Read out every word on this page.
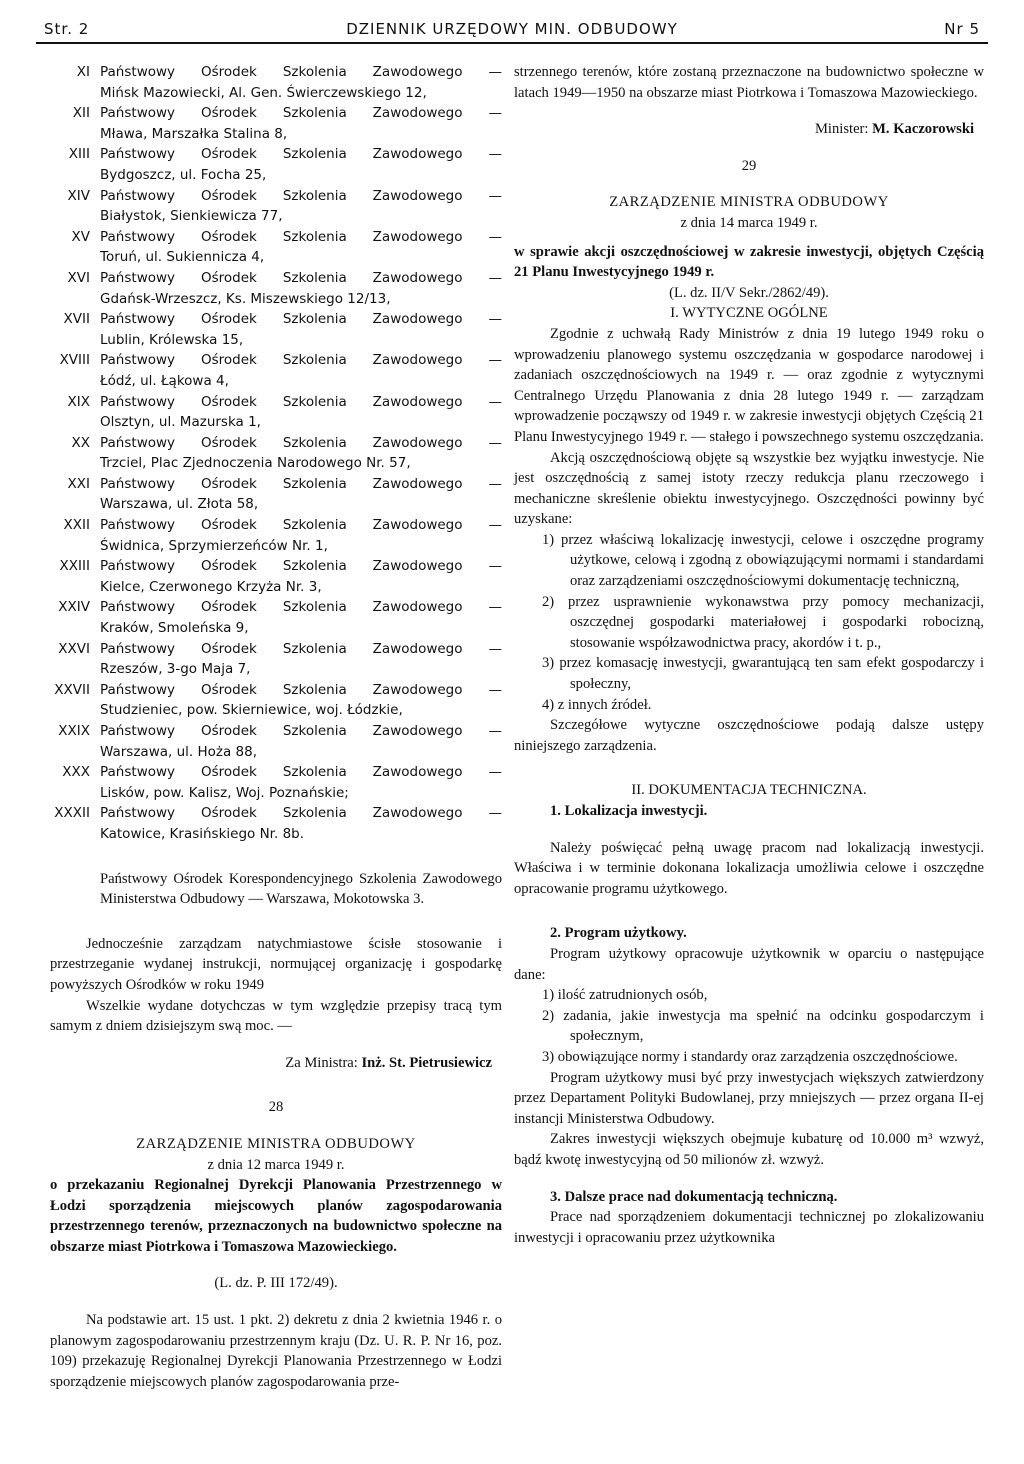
Str. 2	DZIENNIK URZĘDOWY MIN. ODBUDOWY	Nr 5
XI Państwowy Ośrodek Szkolenia Zawodowego —
Mińsk Mazowiecki, Al. Gen. Świerczewskiego 12,
XII Państwowy Ośrodek Szkolenia Zawodowego —
Mława, Marszałka Stalina 8,
XIII Państwowy Ośrodek Szkolenia Zawodowego —
Bydgoszcz, ul. Focha 25,
XIV Państwowy Ośrodek Szkolenia Zawodowego —
Białystok, Sienkiewicza 77,
XV Państwowy Ośrodek Szkolenia Zawodowego —
Toruń, ul. Sukiennicza 4,
XVI Państwowy Ośrodek Szkolenia Zawodowego —
Gdańsk-Wrzeszcz, Ks. Miszewskiego 12/13,
XVII Państwowy Ośrodek Szkolenia Zawodowego —
Lublin, Królewska 15,
XVIII Państwowy Ośrodek Szkolenia Zawodowego —
Łódź, ul. Łąkowa 4,
XIX Państwowy Ośrodek Szkolenia Zawodowego —
Olsztyn, ul. Mazurska 1,
XX Państwowy Ośrodek Szkolenia Zawodowego —
Trzciel, Plac Zjednoczenia Narodowego Nr. 57,
XXI Państwowy Ośrodek Szkolenia Zawodowego —
Warszawa, ul. Złota 58,
XXII Państwowy Ośrodek Szkolenia Zawodowego —
Świdnica, Sprzymierzeńców Nr. 1,
XXIII Państwowy Ośrodek Szkolenia Zawodowego —
Kielce, Czerwonego Krzyża Nr. 3,
XXIV Państwowy Ośrodek Szkolenia Zawodowego —
Kraków, Smoleńska 9,
XXVI Państwowy Ośrodek Szkolenia Zawodowego —
Rzeszów, 3-go Maja 7,
XXVII Państwowy Ośrodek Szkolenia Zawodowego —
Studzieniec, pow. Skierniewice, woj. Łódzkie,
XXIX Państwowy Ośrodek Szkolenia Zawodowego —
Warszawa, ul. Hoża 88,
XXX Państwowy Ośrodek Szkolenia Zawodowego —
Lisków, pow. Kalisz, Woj. Poznańskie;
XXXII Państwowy Ośrodek Szkolenia Zawodowego —
Katowice, Krasińskiego Nr. 8b.
Państwowy Ośrodek Korespondencyjnego Szkolenia Zawodowego Ministerstwa Odbudowy — Warszawa, Mokotowska 3.
Jednocześnie zarządzam natychmiastowe ścisłe stosowanie i przestrzeganie wydanej instrukcji, normującej organizację i gospodarkę powyższych Ośrodków w roku 1949
Wszelkie wydane dotychczas w tym względzie przepisy tracą tym samym z dniem dzisiejszym swą moc. —
Za Ministra: Inż. St. Pietrusiewicz
28
ZARZĄDZENIE MINISTRA ODBUDOWY
z dnia 12 marca 1949 r.
o przekazaniu Regionalnej Dyrekcji Planowania Przestrzennego w Łodzi sporządzenia miejscowych planów zagospodarowania przestrzennego terenów, przeznaczonych na budownictwo społeczne na obszarze miast Piotrkowa i Tomaszowa Mazowieckiego.
(L. dz. P. III 172/49).
Na podstawie art. 15 ust. 1 pkt. 2) dekretu z dnia 2 kwietnia 1946 r. o planowym zagospodarowaniu przestrzennym kraju (Dz. U. R. P. Nr 16, poz. 109) przekazuję Regionalnej Dyrekcji Planowania Przestrzennego w Łodzi sporządzenie miejscowych planów zagospodarowania prze-
strzennego terenów, które zostaną przeznaczone na budownictwo społeczne w latach 1949—1950 na obszarze miast Piotrkowa i Tomaszowa Mazowieckiego.
Minister: M. Kaczorowski
29
ZARZĄDZENIE MINISTRA ODBUDOWY
z dnia 14 marca 1949 r.
w sprawie akcji oszczędnościowej w zakresie inwestycji, objętych Częścią 21 Planu Inwestycyjnego 1949 r.
(L. dz. II/V Sekr./2862/49).
I. WYTYCZNE OGÓLNE
Zgodnie z uchwałą Rady Ministrów z dnia 19 lutego 1949 roku o wprowadzeniu planowego systemu oszczędzania w gospodarce narodowej i zadaniach oszczędnościowych na 1949 r. — oraz zgodnie z wytycznymi Centralnego Urzędu Planowania z dnia 28 lutego 1949 r. — zarządzam wprowadzenie począwszy od 1949 r. w zakresie inwestycji objętych Częścią 21 Planu Inwestycyjnego 1949 r. — stałego i powszechnego systemu oszczędzania.
Akcją oszczędnościową objęte są wszystkie bez wyjątku inwestycje. Nie jest oszczędnością z samej istoty rzeczy redukcja planu rzeczowego i mechaniczne skreślenie obiektu inwestycyjnego. Oszczędności powinny być uzyskane:
1) przez właściwą lokalizację inwestycji, celowe i oszczędne programy użytkowe, celową i zgodną z obowiązującymi normami i standardami oraz zarządzeniami oszczędnościowymi dokumentację techniczną,
2) przez usprawnienie wykonawstwa przy pomocy mechanizacji, oszczędnej gospodarki materiałowej i gospodarki robocizną, stosowanie współzawodnictwa pracy, akordów i t. p.,
3) przez komasację inwestycji, gwarantującą ten sam efekt gospodarczy i społeczny,
4) z innych źródeł.
Szczegółowe wytyczne oszczędnościowe podają dalsze ustępy niniejszego zarządzenia.
II. DOKUMENTACJA TECHNICZNA.
1. Lokalizacja inwestycji.
Należy poświęcać pełną uwagę pracom nad lokalizacją inwestycji. Właściwa i w terminie dokonana lokalizacja umożliwia celowe i oszczędne opracowanie programu użytkowego.
2. Program użytkowy.
Program użytkowy opracowuje użytkownik w oparciu o następujące dane:
1) ilość zatrudnionych osób,
2) zadania, jakie inwestycja ma spełnić na odcinku gospodarczym i społecznym,
3) obowiązujące normy i standardy oraz zarządzenia oszczędnościowe.
Program użytkowy musi być przy inwestycjach większych zatwierdzony przez Departament Polityki Budowlanej, przy mniejszych — przez organa II-ej instancji Ministerstwa Odbudowy.
Zakres inwestycji większych obejmuje kubaturę od 10.000 m³ wzwyż, bądź kwotę inwestycyjną od 50 milionów zł. wzwyż.
3. Dalsze prace nad dokumentacją techniczną.
Prace nad sporządzeniem dokumentacji technicznej po zlokalizowaniu inwestycji i opracowaniu przez użytkownika
